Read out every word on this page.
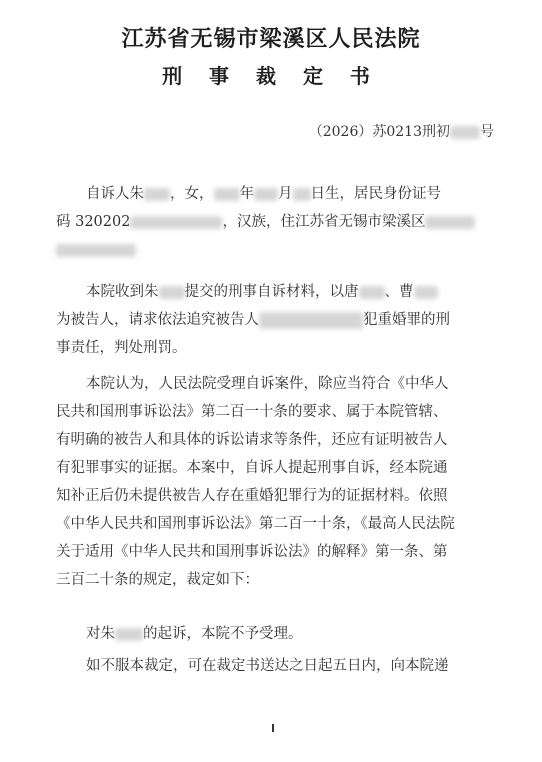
江苏省无锡市梁溪区人民法院
刑 事 裁 定 书
（2026）苏0213刑初 号
自诉人朱 ，女， 年 月 日生，居民身份证号
码 320202	，汉族，住江苏省无锡市梁溪区
本院收到朱 提交的刑事自诉材料，以唐 、曹
为被告人，请求依法追究被告人	犯重婚罪的刑
事责任，判处刑罚。
本院认为，人民法院受理自诉案件，除应当符合《中华人
民共和国刑事诉讼法》第二百一十条的要求、属于本院管辖、
有明确的被告人和具体的诉讼请求等条件，还应有证明被告人
有犯罪事实的证据。本案中，自诉人提起刑事自诉，经本院通
知补正后仍未提供被告人存在重婚犯罪行为的证据材料。依照
《中华人民共和国刑事诉讼法》第二百一十条，《最高人民法院
关于适用《中华人民共和国刑事诉讼法》的解释》第一条、第
三百二十条的规定，裁定如下：
对朱 的起诉，本院不予受理。
如不服本裁定，可在裁定书送达之日起五日内，向本院递
